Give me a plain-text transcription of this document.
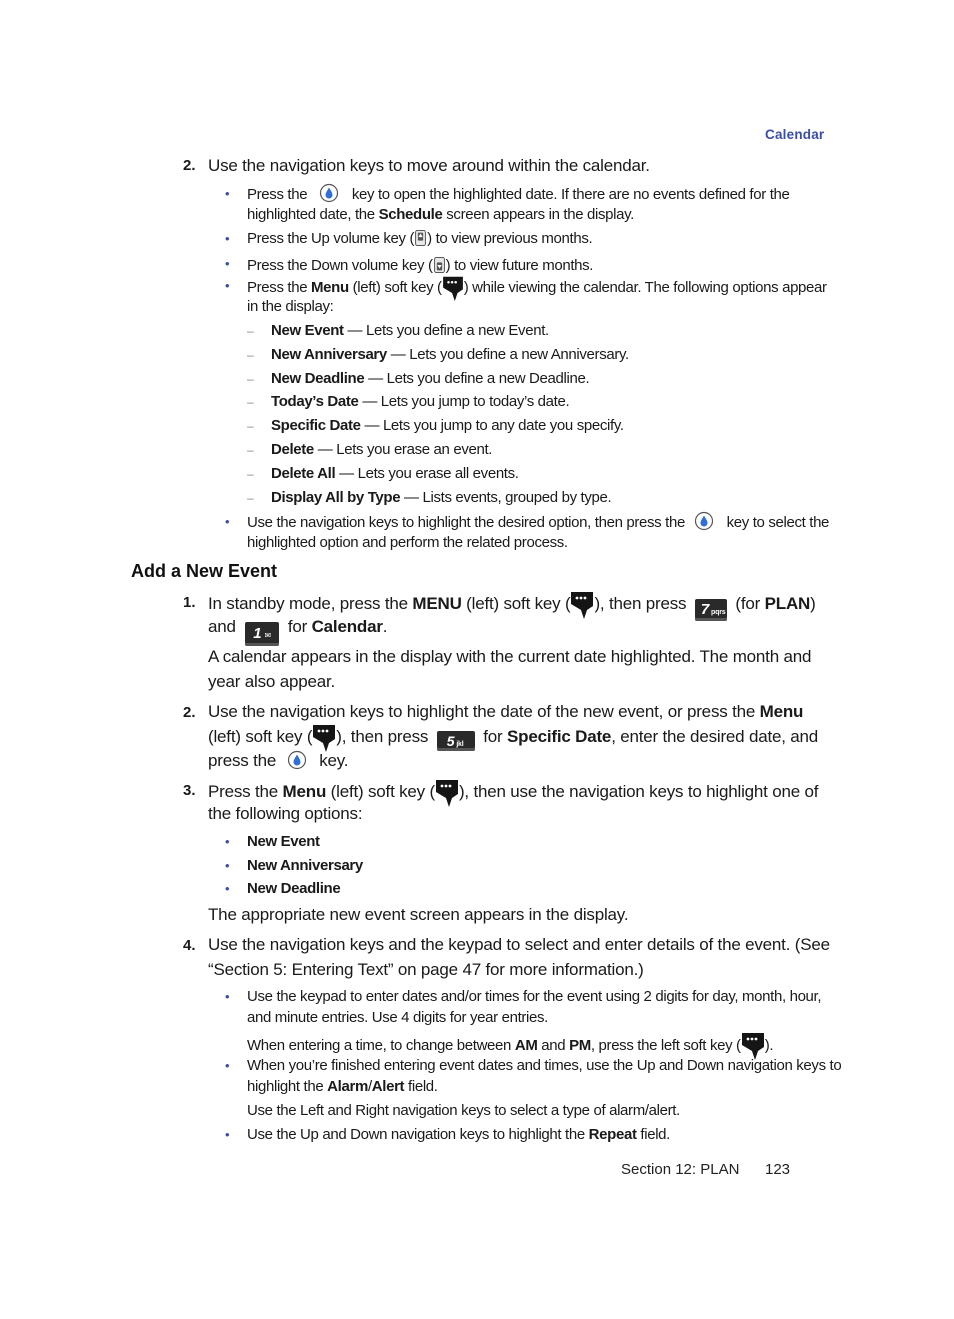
Calendar
2. Use the navigation keys to move around within the calendar.
• Press the	key to open the highlighted date. If there are no events defined for the
highlighted date, the Schedule screen appears in the display.
• Press the Up volume key ( ) to view previous months.
• Press the Down volume key ( ) to view future months.
• Press the Menu (left) soft key ( ) while viewing the calendar. The following options appear
in the display:
– New Event — Lets you define a new Event.
– New Anniversary — Lets you define a new Anniversary.
– New Deadline — Lets you define a new Deadline.
– Today’s Date — Lets you jump to today’s date.
– Specific Date — Lets you jump to any date you specify.
– Delete — Lets you erase an event.
– Delete All — Lets you erase all events.
– Display All by Type — Lists events, grouped by type.
• Use the navigation keys to highlight the desired option, then press the	key to select the
highlighted option and perform the related process.
Add a New Event
1. In standby mode, press the MENU (left) soft key ( ), then press 7 pqrs (for PLAN)
and 1 ✉ for Calendar.
A calendar appears in the display with the current date highlighted. The month and
year also appear.
2. Use the navigation keys to highlight the date of the new event, or press the Menu
(left) soft key ( ), then press 5 jkl for Specific Date, enter the desired date, and
press the	key.
3. Press the Menu (left) soft key ( ), then use the navigation keys to highlight one of
the following options:
• New Event
• New Anniversary
• New Deadline
The appropriate new event screen appears in the display.
4. Use the navigation keys and the keypad to select and enter details of the event. (See
“Section 5: Entering Text” on page 47 for more information.)
• Use the keypad to enter dates and/or times for the event using 2 digits for day, month, hour,
and minute entries. Use 4 digits for year entries.
When entering a time, to change between AM and PM, press the left soft key ( ).
• When you’re finished entering event dates and times, use the Up and Down navigation keys to
highlight the Alarm/Alert field.
Use the Left and Right navigation keys to select a type of alarm/alert.
• Use the Up and Down navigation keys to highlight the Repeat field.
Section 12: PLAN 123
